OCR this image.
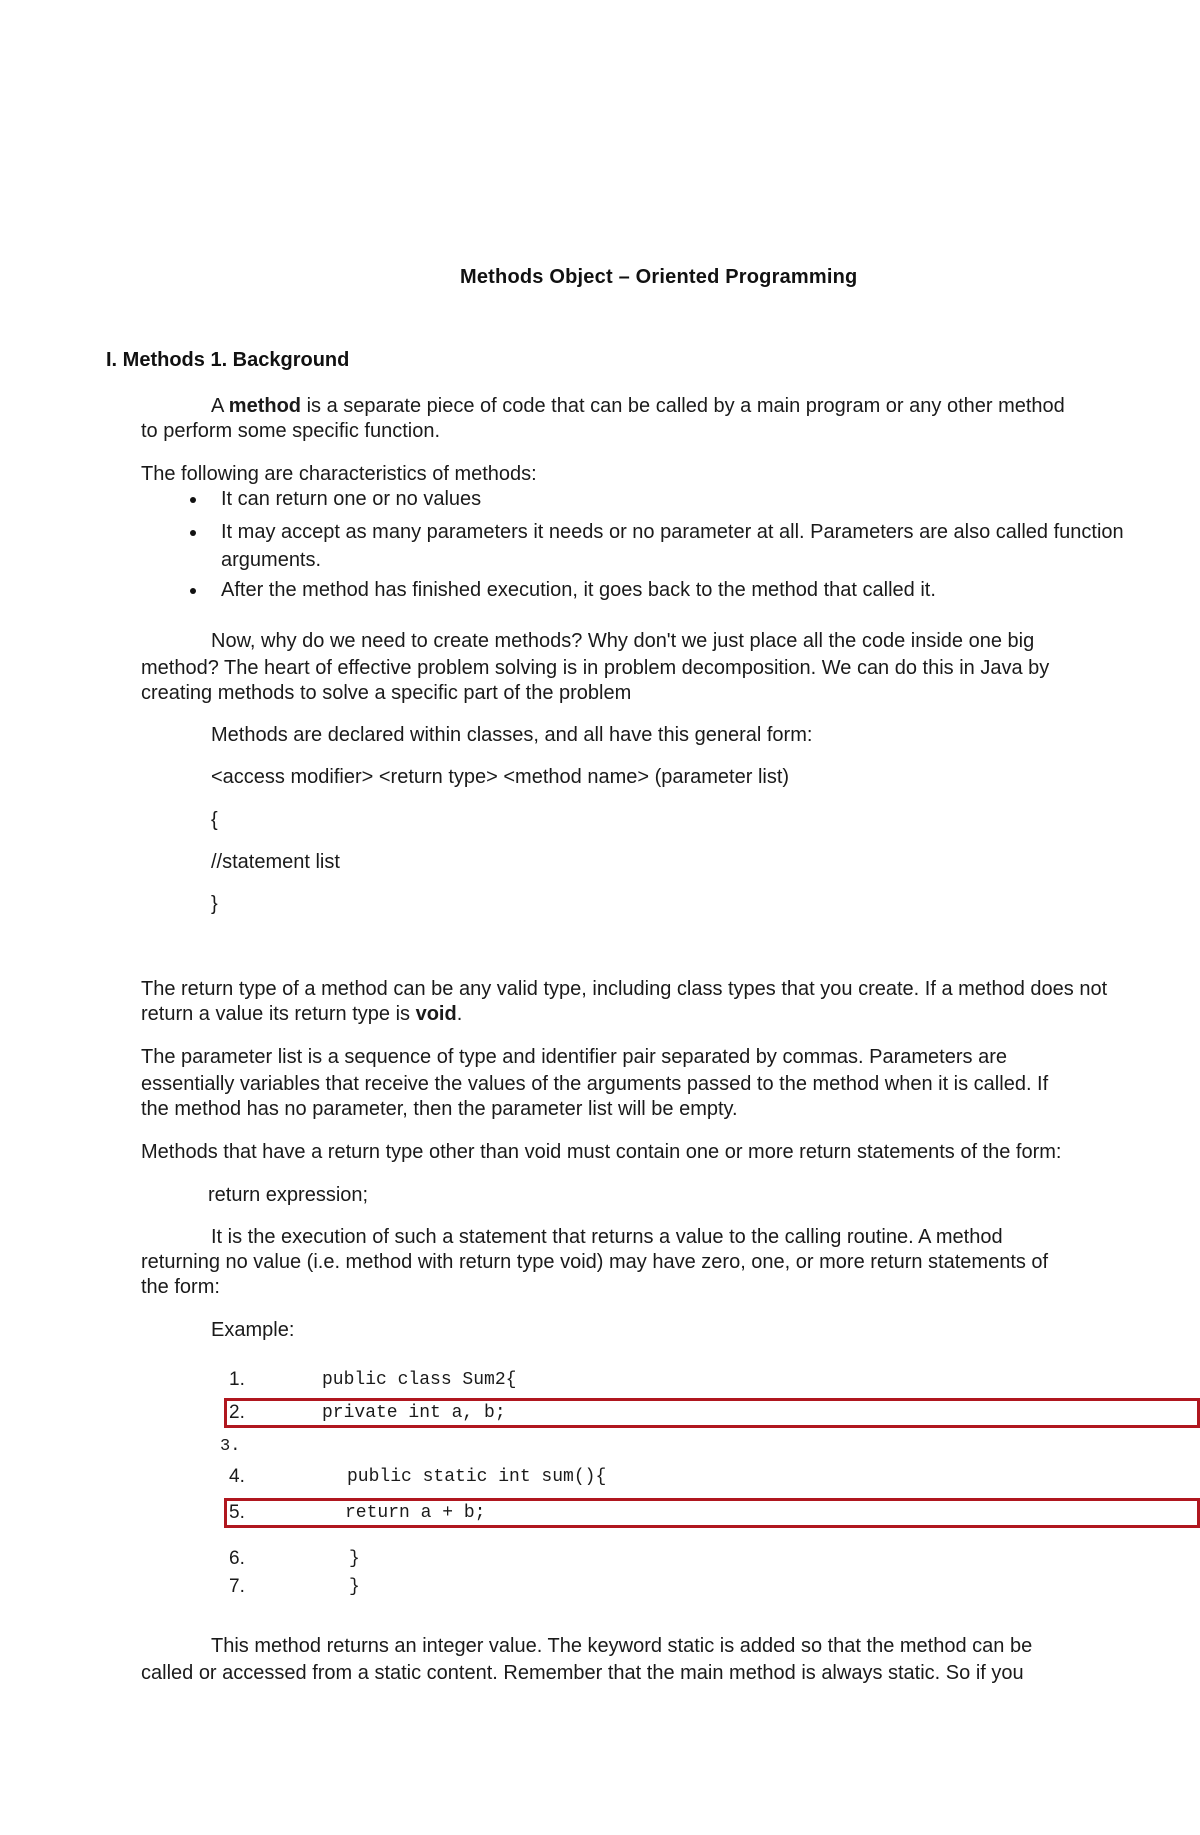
Methods Object – Oriented Programming
I. Methods 1. Background
A method is a separate piece of code that can be called by a main program or any other method
to perform some specific function.
The following are characteristics of methods:
It can return one or no values
It may accept as many parameters it needs or no parameter at all. Parameters are also called function
arguments.
After the method has finished execution, it goes back to the method that called it.
Now, why do we need to create methods? Why don't we just place all the code inside one big
method? The heart of effective problem solving is in problem decomposition. We can do this in Java by
creating methods to solve a specific part of the problem
Methods are declared within classes, and all have this general form:
<access modifier> <return type> <method name> (parameter list)
{
//statement list
}
The return type of a method can be any valid type, including class types that you create. If a method does not
return a value its return type is void.
The parameter list is a sequence of type and identifier pair separated by commas. Parameters are
essentially variables that receive the values of the arguments passed to the method when it is called. If
the method has no parameter, then the parameter list will be empty.
Methods that have a return type other than void must contain one or more return statements of the form:
return expression;
It is the execution of such a statement that returns a value to the calling routine. A method
returning no value (i.e. method with return type void) may have zero, one, or more return statements of
the form:
Example:
1.	public class Sum2{
2.	private int a, b;
3.
4.	public static int sum(){
5.	return a + b;
6.	}
7.	}
This method returns an integer value. The keyword static is added so that the method can be
called or accessed from a static content. Remember that the main method is always static. So if you
